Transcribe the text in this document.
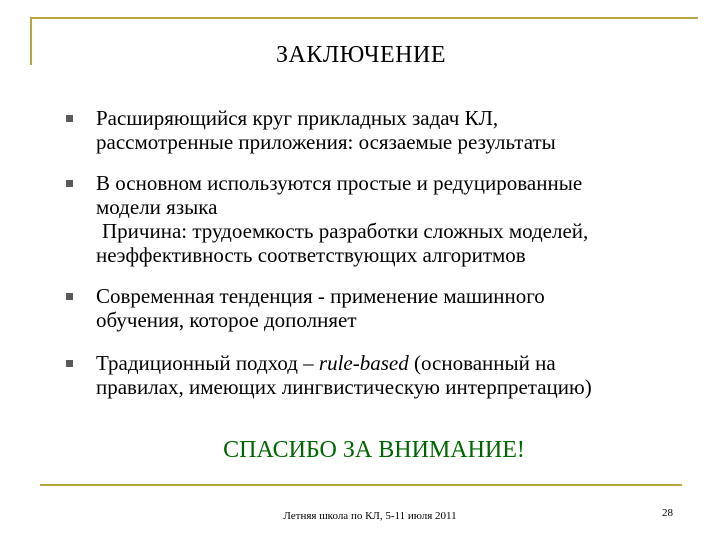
ЗАКЛЮЧЕНИЕ
Расширяющийся круг прикладных задач КЛ,
рассмотренные приложения: осязаемые результаты
В основном используются простые и редуцированные
модели языка
Причина: трудоемкость разработки сложных моделей,
неэффективность соответствующих алгоритмов
Современная тенденция - применение машинного
обучения, которое дополняет
Традиционный подход – rule-based (основанный на
правилах, имеющих лингвистическую интерпретацию)
СПАСИБО ЗА ВНИМАНИЕ!
Летняя школа по КЛ, 5-11 июля 2011	28
